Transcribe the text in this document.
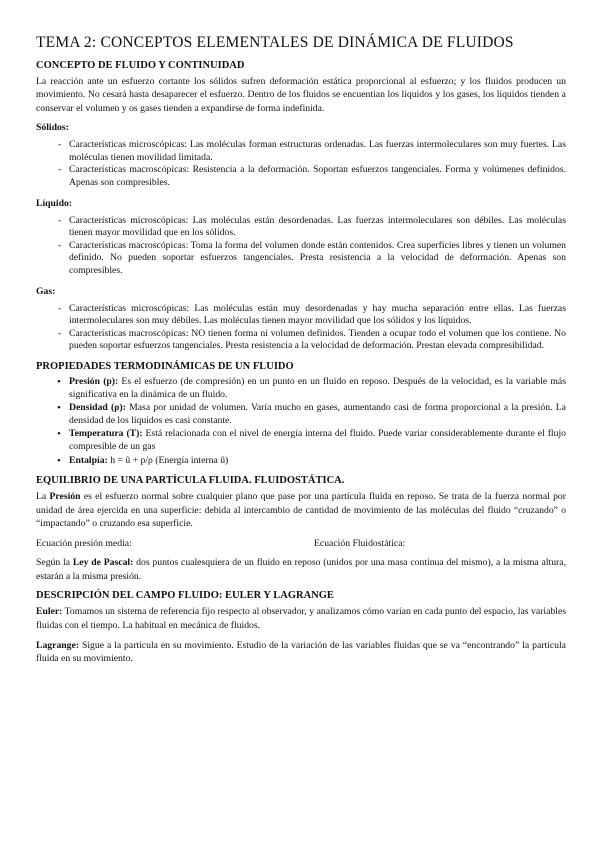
TEMA 2: CONCEPTOS ELEMENTALES DE DINÁMICA DE FLUIDOS
CONCEPTO DE FLUIDO Y CONTINUIDAD

La reacción ante un esfuerzo cortante los sólidos sufren deformación estática proporcional al esfuerzo; y los fluidos producen un movimiento. No cesará hasta desaparecer el esfuerzo. Dentro de los fluidos se encuentian los líquidos y los gases, los líquidos tienden a conservar el volumen y os gases tienden a expandirse de forma indefinida.

Sólidos:
- Características microscópicas: Las moléculas forman estructuras ordenadas. Las fuerzas intermoleculares son muy fuertes. Las moléculas tienen movilidad limitada.
- Características macroscópicas: Resistencia a la deformación. Soportan esfuerzos tangenciales. Forma y volúmenes definidos. Apenas son compresibles.
Líquido:
- Características microscópicas: Las moléculas están desordenadas. Las fuerzas intermoleculares son débiles. Las moléculas tienen mayor movilidad que en los sólidos.
- Características macroscópicas: Toma la forma del volumen donde están contenidos. Crea superficies libres y tienen un volumen definido. No pueden soportar esfuerzos tangenciales. Presta resistencia a la velocidad de deformación. Apenas son compresibles.
Gas:
- Características microscópicas: Las moléculas están muy desordenadas y hay mucha separación entre ellas. Las fuerzas intermoleculares son muy débiles. Las moléculas tienen mayor movilidad que los sólidos y los líquidos.
- Características macroscópicas: NO tienen forma ni volumen definidos. Tienden a ocupar todo el volumen que los contiene. No pueden soportar esfuerzos tangenciales. Presta resistencia a la velocidad de deformación. Prestan elevada compresibilidad.
PROPIEDADES TERMODINÁMICAS DE UN FLUIDO
• Presión (p): Es el esfuerzo (de compresión) en un punto en un fluido en reposo. Después de la velocidad, es la variable más significativa en la dinámica de un fluido.
• Densidad (ρ): Masa por unidad de volumen. Varía mucho en gases, aumentando casi de forma proporcional a la presión. La densidad de los líquidos es casi constante.
• Temperatura (T): Está relacionada con el nivel de energía interna del fluido. Puede variar considerablemente durante el flujo compresible de un gas
• Entalpía: h = û + p/ρ (Energía interna û)
EQUILIBRIO DE UNA PARTÍCULA FLUIDA. FLUIDOSTÁTICA.

La Presión es el esfuerzo normal sobre cualquier plano que pase por una partícula fluida en reposo. Se trata de la fuerza normal por unidad de área ejercida en una superficie: debida al intercambio de cantidad de movimiento de las moléculas del fluido “cruzando” o “impactando” o cruzando esa superficie.

Ecuación presión media:	Ecuación Fluidostática:

Según la Ley de Pascal: dos puntos cualesquiera de un fluido en reposo (unidos por una masa continua del mismo), a la misma altura, estarán a la misma presión.

DESCRIPCIÓN DEL CAMPO FLUIDO: EULER Y LAGRANGE

Euler: Tomamos un sistema de referencia fijo respecto al observador, y analizamos cómo varían en cada punto del espacio, las variables fluidas con el tiempo. La habitual en mecánica de fluidos.

Lagrange: Sigue a la partícula en su movimiento. Estudio de la variación de las variables fluidas que se va “encontrando” la partícula fluida en su movimiento.
